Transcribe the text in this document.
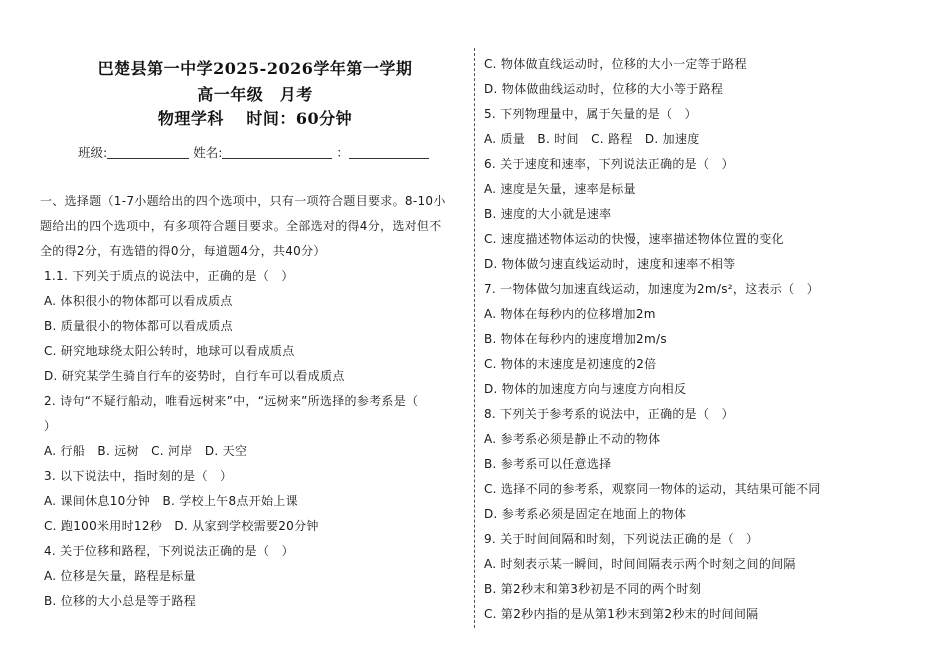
巴楚县第一中学2025-2026学年第一学期
高一年级　月考
物理学科　 时间：60分钟
班级:	姓名:	：
一、选择题（1-7小题给出的四个选项中，只有一项符合题目要求。8-10小
题给出的四个选项中，有多项符合题目要求。全部选对的得4分，选对但不
全的得2分，有选错的得0分，每道题4分，共40分）
1.1. 下列关于质点的说法中，正确的是（　）
A. 体积很小的物体都可以看成质点
B. 质量很小的物体都可以看成质点
C. 研究地球绕太阳公转时，地球可以看成质点
D. 研究某学生骑自行车的姿势时，自行车可以看成质点
2. 诗句“不疑行船动，唯看远树来”中，“远树来”所选择的参考系是（
）
A. 行船　B. 远树　C. 河岸　D. 天空
3. 以下说法中，指时刻的是（　）
A. 课间休息10分钟　B. 学校上午8点开始上课
C. 跑100米用时12秒　D. 从家到学校需要20分钟
4. 关于位移和路程，下列说法正确的是（　）
A. 位移是矢量，路程是标量
B. 位移的大小总是等于路程
C. 物体做直线运动时，位移的大小一定等于路程
D. 物体做曲线运动时，位移的大小等于路程
5. 下列物理量中，属于矢量的是（　）
A. 质量　B. 时间　C. 路程　D. 加速度
6. 关于速度和速率，下列说法正确的是（　）
A. 速度是矢量，速率是标量
B. 速度的大小就是速率
C. 速度描述物体运动的快慢，速率描述物体位置的变化
D. 物体做匀速直线运动时，速度和速率不相等
7. 一物体做匀加速直线运动，加速度为2m/s²，这表示（　）
A. 物体在每秒内的位移增加2m
B. 物体在每秒内的速度增加2m/s
C. 物体的末速度是初速度的2倍
D. 物体的加速度方向与速度方向相反
8. 下列关于参考系的说法中，正确的是（　）
A. 参考系必须是静止不动的物体
B. 参考系可以任意选择
C. 选择不同的参考系，观察同一物体的运动，其结果可能不同
D. 参考系必须是固定在地面上的物体
9. 关于时间间隔和时刻，下列说法正确的是（　）
A. 时刻表示某一瞬间，时间间隔表示两个时刻之间的间隔
B. 第2秒末和第3秒初是不同的两个时刻
C. 第2秒内指的是从第1秒末到第2秒末的时间间隔
